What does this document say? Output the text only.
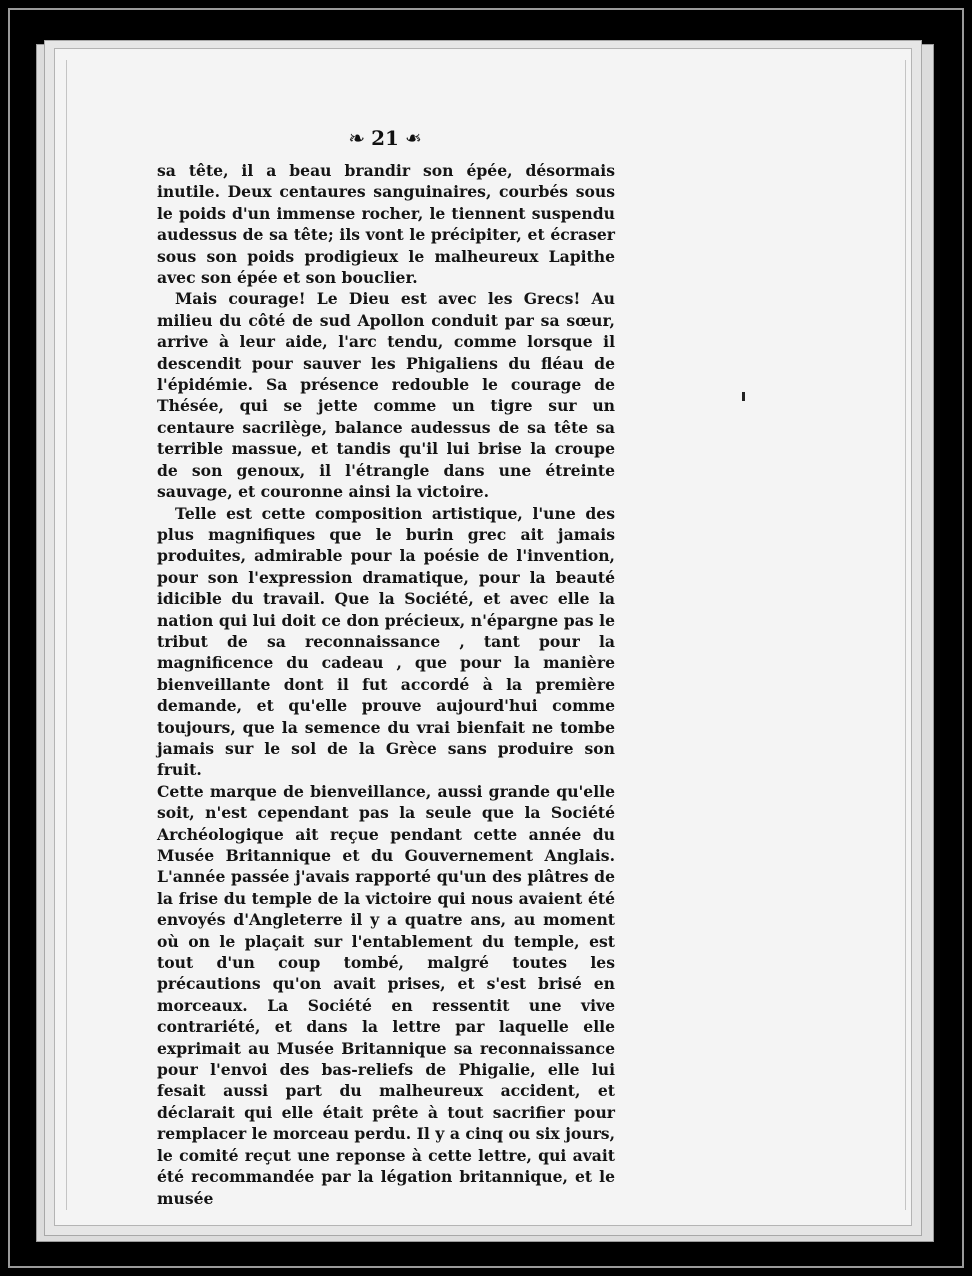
❧ 21 ❧

sa tête, il a beau brandir son épée, désormais inutile. Deux centaures sanguinaires, courbés sous le poids d'un immense rocher, le tiennent suspendu audessus de sa tête; ils vont le précipiter, et écraser sous son poids prodigieux le malheureux Lapithe avec son épée et son bouclier.

Mais courage! Le Dieu est avec les Grecs! Au milieu du côté de sud Apollon conduit par sa sœur, arrive à leur aide, l'arc tendu, comme lorsque il descendit pour sauver les Phigaliens du fléau de l'épidémie. Sa présence redouble le courage de Thésée, qui se jette comme un tigre sur un centaure sacrilège, balance audessus de sa tête sa terrible massue, et tandis qu'il lui brise la croupe de son genoux, il l'étrangle dans une étreinte sauvage, et couronne ainsi la victoire.

Telle est cette composition artistique, l'une des plus magnifiques que le burin grec ait jamais produites, admirable pour la poésie de l'invention, pour son l'expression dramatique, pour la beauté idicible du travail. Que la Société, et avec elle la nation qui lui doit ce don précieux, n'épargne pas le tribut de sa reconnaissance , tant pour la magnificence du cadeau , que pour la manière bienveillante dont il fut accordé à la première demande, et qu'elle prouve aujourd'hui comme toujours, que la semence du vrai bienfait ne tombe jamais sur le sol de la Grèce sans produire son fruit.

Cette marque de bienveillance, aussi grande qu'elle soit, n'est cependant pas la seule que la Société Archéologique ait reçue pendant cette année du Musée Britannique et du Gouvernement Anglais. L'année passée j'avais rapporté qu'un des plâtres de la frise du temple de la victoire qui nous avaient été envoyés d'Angleterre il y a quatre ans, au moment où on le plaçait sur l'entablement du temple, est tout d'un coup tombé, malgré toutes les précautions qu'on avait prises, et s'est brisé en morceaux. La Société en ressentit une vive contrariété, et dans la lettre par laquelle elle exprimait au Musée Britannique sa reconnaissance pour l'envoi des bas-reliefs de Phigalie, elle lui fesait aussi part du malheureux accident, et déclarait qui elle était prête à tout sacrifier pour remplacer le morceau perdu. Il y a cinq ou six jours, le comité reçut une reponse à cette lettre, qui avait été recommandée par la légation britannique, et le musée
